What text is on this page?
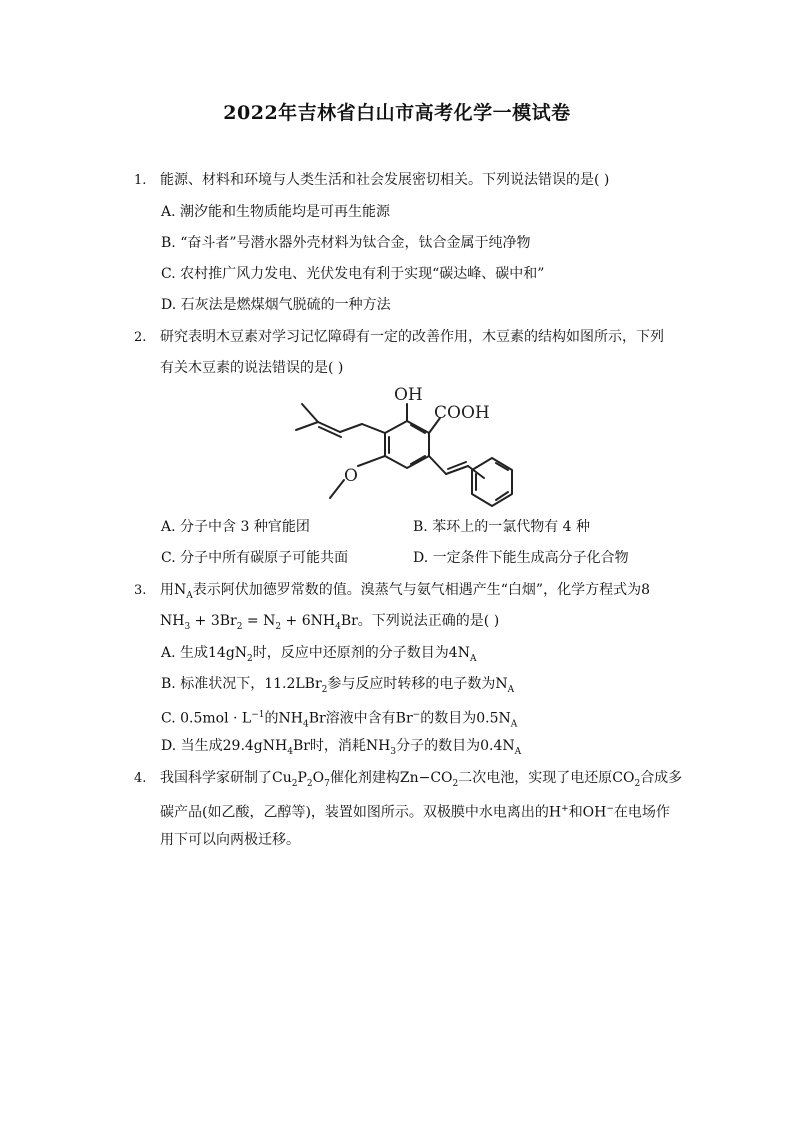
2022年吉林省白山市高考化学一模试卷
1. 能源、材料和环境与人类生活和社会发展密切相关。下列说法错误的是( )
A. 潮汐能和生物质能均是可再生能源
B. “奋斗者”号潜水器外壳材料为钛合金，钛合金属于纯净物
C. 农村推广风力发电、光伏发电有利于实现“碳达峰、碳中和”
D. 石灰法是燃煤烟气脱硫的一种方法
2. 研究表明木豆素对学习记忆障碍有一定的改善作用，木豆素的结构如图所示，下列
有关木豆素的说法错误的是( )
OH
COOH
O
A. 分子中含 3 种官能团	B. 苯环上的一氯代物有 4 种
C. 分子中所有碳原子可能共面	D. 一定条件下能生成高分子化合物
3. 用$N_A$表示阿伏加德罗常数的值。溴蒸气与氨气相遇产生“白烟”，化学方程式为8
$NH_3 + 3Br_2 = N_2 + 6NH_4Br$。下列说法正确的是( )
A. 生成$14gN_2$时，反应中还原剂的分子数目为$4N_A$
B. 标准状况下，11.2LBr$_2$参与反应时转移的电子数为$N_A$
C. $0.5mol \cdot L^{-1}$的$NH_4Br$溶液中含有Br−的数目为$0.5N_A$
D. 当生成29.4gNH$_4$Br时，消耗$NH_3$分子的数目为$0.4N_A$
4. 我国科学家研制了$Cu_2P_2O_7$催化剂建构$Zn-CO_2$二次电池，实现了电还原$CO_2$合成多
碳产品(如乙酸，乙醇等)，装置如图所示。双极膜中水电离出的H+和OH−在电场作
用下可以向两极迁移。
